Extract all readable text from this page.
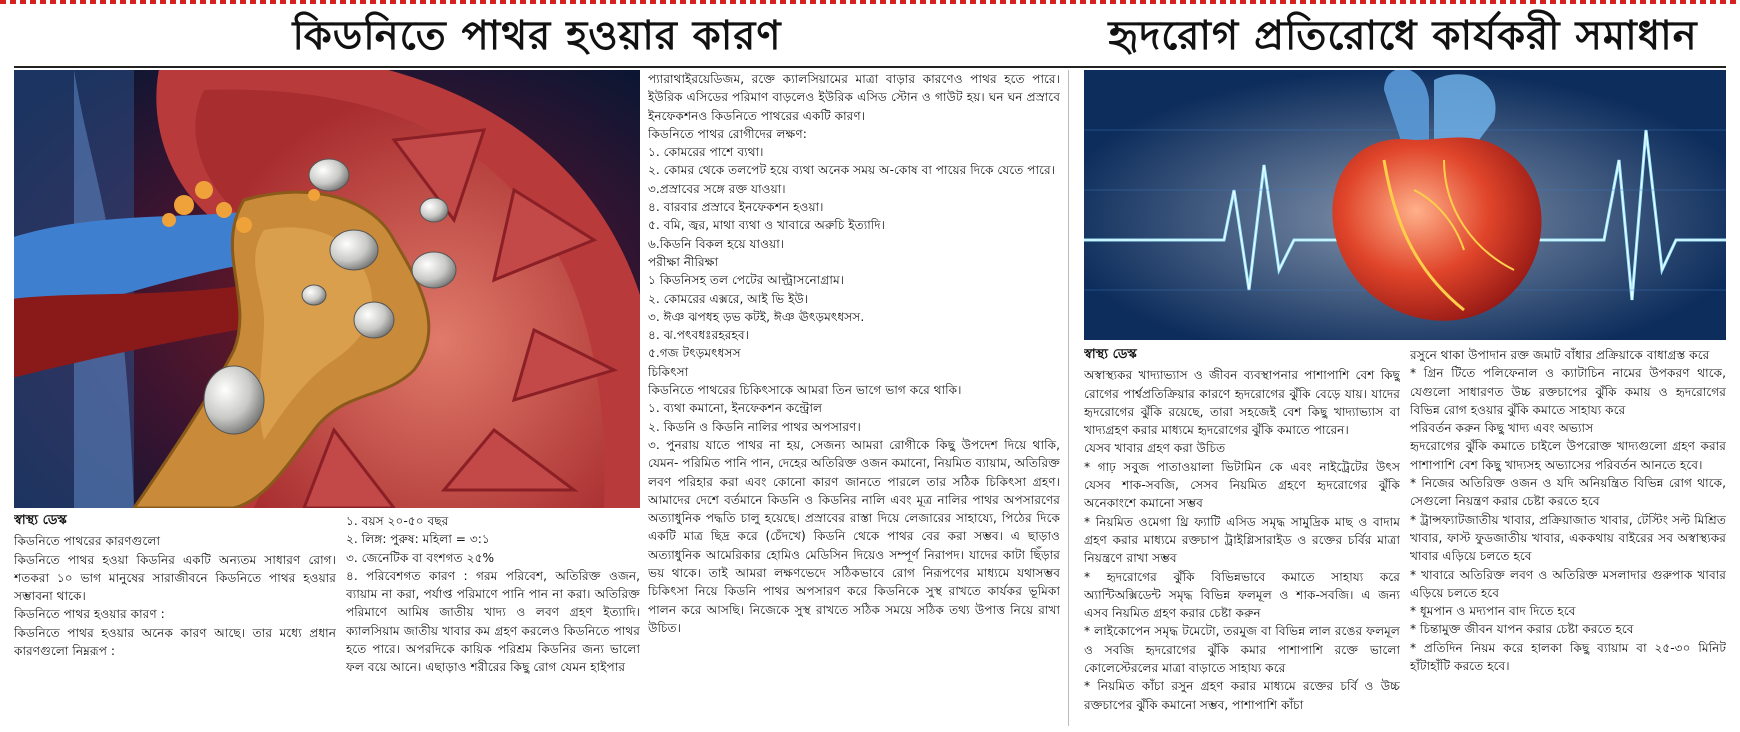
কিডনিতে পাথর হওয়ার কারণ	হৃদরোগ প্রতিরোধে কার্যকরী সমাধান

স্বাস্থ্য ডেস্ক

কিডনিতে পাথরের কারণগুলো

কিডনিতে পাথর হওয়া কিডনির একটি অন্যতম সাধারণ রোগ। শতকরা ১০ ভাগ মানুষের সারাজীবনে কিডনিতে পাথর হওয়ার সম্ভাবনা থাকে।

কিডনিতে পাথর হওয়ার কারণ :

কিডনিতে পাথর হওয়ার অনেক কারণ আছে। তার মধ্যে প্রধান কারণগুলো নিম্নরূপ :

১. বয়স ২০-৫০ বছর

২. লিঙ্গ: পুরুষ: মহিলা = ৩:১

৩. জেনেটিক বা বংশগত ২৫%

৪. পরিবেশগত কারণ : গরম পরিবেশ, অতিরিক্ত ওজন, ব্যায়াম না করা, পর্যাপ্ত পরিমাণে পানি পান না করা। অতিরিক্ত পরিমাণে আমিষ জাতীয় খাদ্য ও লবণ গ্রহণ ইত্যাদি। ক্যালসিয়াম জাতীয় খাবার কম গ্রহণ করলেও কিডনিতে পাথর হতে পারে। অপরদিকে কায়িক পরিশ্রম কিডনির জন্য ভালো ফল বয়ে আনে। এছাড়াও শরীরের কিছু রোগ যেমন হাইপার

প্যারাথাইরয়েডিজম, রক্তে ক্যালসিয়ামের মাত্রা বাড়ার কারণেও পাথর হতে পারে। ইউরিক এসিডের পরিমাণ বাড়লেও ইউরিক এসিড স্টোন ও গাউট হয়। ঘন ঘন প্রস্রাবে ইনফেকশনও কিডনিতে পাথরের একটি কারণ।

কিডনিতে পাথর রোগীদের লক্ষণ:

১. কোমরের পাশে ব্যথা।

২. কোমর থেকে তলপেট হয়ে ব্যথা অনেক সময় অ-কোষ বা পায়ের দিকে যেতে পারে।

৩.প্রস্রাবের সঙ্গে রক্ত যাওয়া।

৪. বারবার প্রস্রাবে ইনফেকশন হওয়া।

৫. বমি, জ্বর, মাথা ব্যথা ও খাবারে অরুচি ইত্যাদি।

৬.কিডনি বিকল হয়ে যাওয়া।

পরীক্ষা নীরিক্ষা

১ কিডনিসহ তল পেটের আল্ট্রাসনোগ্রাম।

২. কোমরের এক্সরে, আই ভি ইউ।

৩. ঈঞ ঝপধহ ড়ভ কটই, ঈঞ ঊৎড়মৎধসস.

৪. ঝ.পৎবধঃরহরহব।

৫.গজ টৎড়মৎধসস

চিকিৎসা

কিডনিতে পাথরের চিকিৎসাকে আমরা তিন ভাগে ভাগ করে থাকি।

১. ব্যথা কমানো, ইনফেকশন কন্ট্রোল

২. কিডনি ও কিডনি নালির পাথর অপসারণ।

৩. পুনরায় যাতে পাথর না হয়, সেজন্য আমরা রোগীকে কিছু উপদেশ দিয়ে থাকি, যেমন- পরিমিত পানি পান, দেহের অতিরিক্ত ওজন কমানো, নিয়মিত ব্যায়াম, অতিরিক্ত লবণ পরিহার করা এবং কোনো কারণ জানতে পারলে তার সঠিক চিকিৎসা গ্রহণ। আমাদের দেশে বর্তমানে কিডনি ও কিডনির নালি এবং মূত্র নালির পাথর অপসারণের অত্যাধুনিক পদ্ধতি চালু হয়েছে। প্রস্রাবের রাস্তা দিয়ে লেজারের সাহায্যে, পিঠের দিকে একটি মাত্র ছিদ্র করে (চেঁদখে) কিডনি থেকে পাথর বের করা সম্ভব। এ ছাড়াও অত্যাধুনিক আমেরিকার হোমিও মেডিসিন দিয়েও সম্পূর্ণ নিরাপদ। যাদের কাটা ছিঁড়ার ভয় থাকে। তাই আমরা লক্ষণভেদে সঠিকভাবে রোগ নিরূপণের মাধ্যমে যথাসম্ভব চিকিৎসা নিয়ে কিডনি পাথর অপসারণ করে কিডনিকে সুস্থ রাখতে কার্যকর ভূমিকা পালন করে আসছি। নিজেকে সুস্থ রাখতে সঠিক সময়ে সঠিক তথ্য উপাত্ত নিয়ে রাখা উচিত।

স্বাস্থ্য ডেস্ক

অস্বাস্থ্যকর খাদ্যাভ্যাস ও জীবন ব্যবস্থাপনার পাশাপাশি বেশ কিছু রোগের পার্শ্বপ্রতিক্রিয়ার কারণে হৃদরোগের ঝুঁকি বেড়ে যায়। যাদের হৃদরোগের ঝুঁকি রয়েছে, তারা সহজেই বেশ কিছু খাদ্যাভ্যাস বা খাদ্যগ্রহণ করার মাধ্যমে হৃদরোগের ঝুঁকি কমাতে পারেন।

যেসব খাবার গ্রহণ করা উচিত

* গাঢ় সবুজ পাতাওয়ালা ভিটামিন কে এবং নাইট্রেটের উৎস যেসব শাক-সবজি, সেসব নিয়মিত গ্রহণে হৃদরোগের ঝুঁকি অনেকাংশে কমানো সম্ভব

* নিয়মিত ওমেগা থ্রি ফ্যাটি এসিড সমৃদ্ধ সামুদ্রিক মাছ ও বাদাম গ্রহণ করার মাধ্যমে রক্তচাপ ট্রাইগ্লিসারাইড ও রক্তের চর্বির মাত্রা নিয়ন্ত্রণে রাখা সম্ভব

* হৃদরোগের ঝুঁকি বিভিন্নভাবে কমাতে সাহায্য করে অ্যান্টিঅক্সিডেন্ট সমৃদ্ধ বিভিন্ন ফলমূল ও শাক-সবজি। এ জন্য এসব নিয়মিত গ্রহণ করার চেষ্টা করুন

* লাইকোপেন সমৃদ্ধ টমেটো, তরমুজ বা বিভিন্ন লাল রঙের ফলমূল ও সবজি হৃদরোগের ঝুঁকি কমার পাশাপাশি রক্তে ভালো কোলেস্টেরলের মাত্রা বাড়াতে সাহায্য করে

* নিয়মিত কাঁচা রসুন গ্রহণ করার মাধ্যমে রক্তের চর্বি ও উচ্চ রক্তচাপের ঝুঁকি কমানো সম্ভব, পাশাপাশি কাঁচা

রসুনে থাকা উপাদান রক্ত জমাট বাঁধার প্রক্রিয়াকে বাধাগ্রস্ত করে

* গ্রিন টিতে পলিফেনাল ও ক্যাটাচিন নামের উপকরণ থাকে, যেগুলো সাধারণত উচ্চ রক্তচাপের ঝুঁকি কমায় ও হৃদরোগের বিভিন্ন রোগ হওয়ার ঝুঁকি কমাতে সাহায্য করে

পরিবর্তন করুন কিছু খাদ্য এবং অভ্যাস

হৃদরোগের ঝুঁকি কমাতে চাইলে উপরোক্ত খাদ্যগুলো গ্রহণ করার পাশাপাশি বেশ কিছু খাদ্যসহ অভ্যাসের পরিবর্তন আনতে হবে।

* নিজের অতিরিক্ত ওজন ও যদি অনিয়ন্ত্রিত বিভিন্ন রোগ থাকে, সেগুলো নিয়ন্ত্রণ করার চেষ্টা করতে হবে

* ট্রান্সফ্যাটজাতীয় খাবার, প্রক্রিয়াজাত খাবার, টেস্টিং সল্ট মিশ্রিত খাবার, ফাস্ট ফুডজাতীয় খাবার, এককথায় বাইরের সব অস্বাস্থ্যকর খাবার এড়িয়ে চলতে হবে

* খাবারে অতিরিক্ত লবণ ও অতিরিক্ত মসলাদার গুরুপাক খাবার এড়িয়ে চলতে হবে

* ধূমপান ও মদ্যপান বাদ দিতে হবে

* চিন্তামুক্ত জীবন যাপন করার চেষ্টা করতে হবে

* প্রতিদিন নিয়ম করে হালকা কিছু ব্যায়াম বা ২৫-৩০ মিনিট হাঁটাহাঁটি করতে হবে।
